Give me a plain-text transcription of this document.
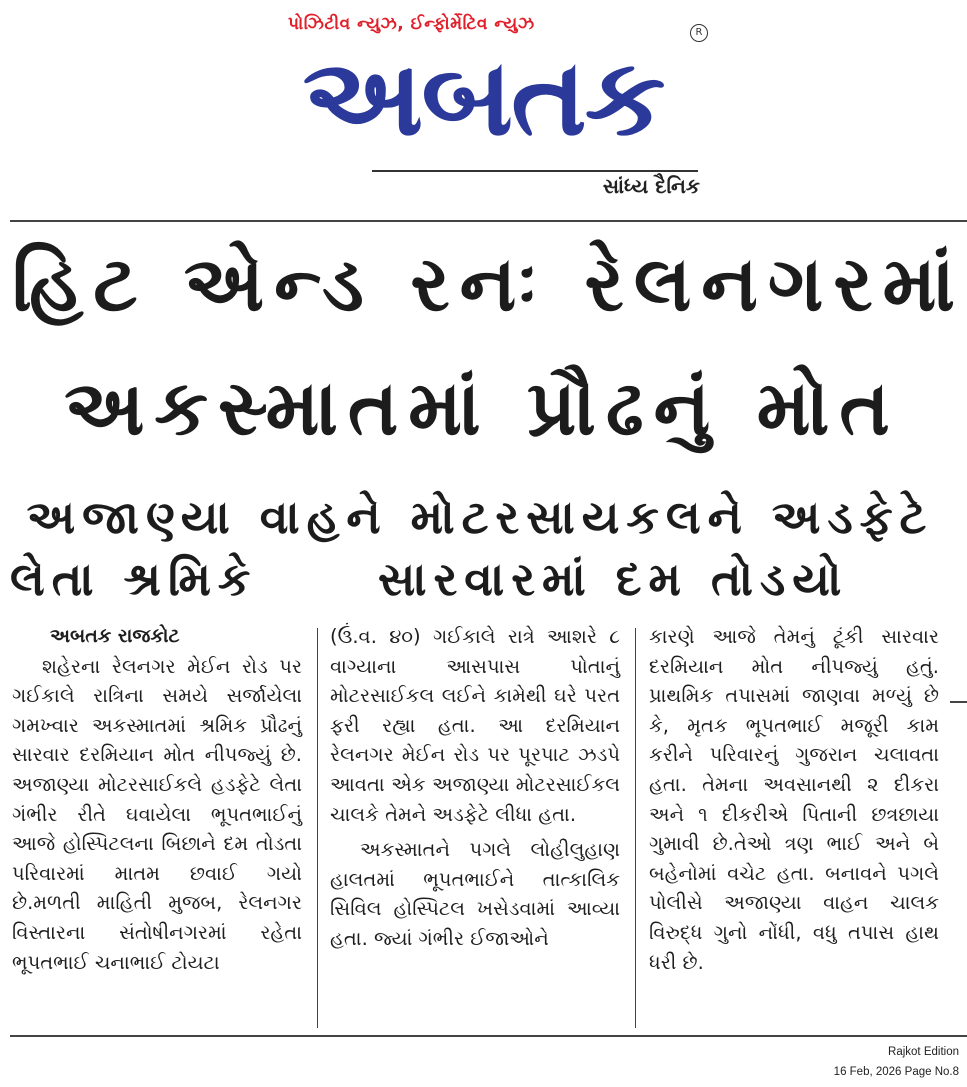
પોઝિટીવ ન્યુઝ, ઈન્ફોર્મેટિવ ન્યુઝ	R
અબતક
સાંધ્ય દૈનિક
હિટ એન્ડ રનઃ રેલનગરમાં
અકસ્માતમાં પ્રૌઢનું મોત
અજાણ્યા વાહને મોટરસાયકલને અડફેટે
લેતા શ્રમિકે	સારવારમાં દમ તોડયો
અબતક રાજકોટ

શહેરના રેલનગર મેઈન રોડ પર ગઈકાલે રાત્રિના સમયે સર્જાયેલા ગમખ્વાર અકસ્માતમાં શ્રમિક પ્રૌઢનું સારવાર દરમિયાન મોત નીપજ્યું છે. અજાણ્યા મોટરસાઈકલે હડફેટે લેતા ગંભીર રીતે ઘવાયેલા ભૂપતભાઈનું આજે હોસ્પિટલના બિછાને દમ તોડતા પરિવારમાં માતમ છવાઈ ગયો છે.મળતી માહિતી મુજબ, રેલનગર વિસ્તારના સંતોષીનગરમાં રહેતા ભૂપતભાઈ ચનાભાઈ ટોયટા

(ઉં.વ. ૪૦) ગઈકાલે રાત્રે આશરે ૮ વાગ્યાના આસપાસ પોતાનું મોટરસાઈકલ લઈને કામેથી ઘરે પરત ફરી રહ્યા હતા. આ દરમિયાન રેલનગર મેઈન રોડ પર પૂરપાટ ઝડપે આવતા એક અજાણ્યા મોટરસાઈકલ ચાલકે તેમને અડફેટે લીધા હતા.

અકસ્માતને પગલે લોહીલુહાણ હાલતમાં ભૂપતભાઈને તાત્કાલિક સિવિલ હોસ્પિટલ ખસેડવામાં આવ્યા હતા. જ્યાં ગંભીર ઈજાઓને

કારણે આજે તેમનું ટૂંકી સારવાર દરમિયાન મોત નીપજ્યું હતું. પ્રાથમિક તપાસમાં જાણવા મળ્યું છે કે, મૃતક ભૂપતભાઈ મજૂરી કામ કરીને પરિવારનું ગુજરાન ચલાવતા હતા. તેમના અવસાનથી ૨ દીકરા અને ૧ દીકરીએ પિતાની છત્રછાયા ગુમાવી છે.તેઓ ત્રણ ભાઈ અને બે બહેનોમાં વચેટ હતા. બનાવને પગલે પોલીસે અજાણ્યા વાહન ચાલક વિરુદ્ધ ગુનો નોંધી, વધુ તપાસ હાથ ધરી છે.

Rajkot Edition
16 Feb, 2026 Page No.8
